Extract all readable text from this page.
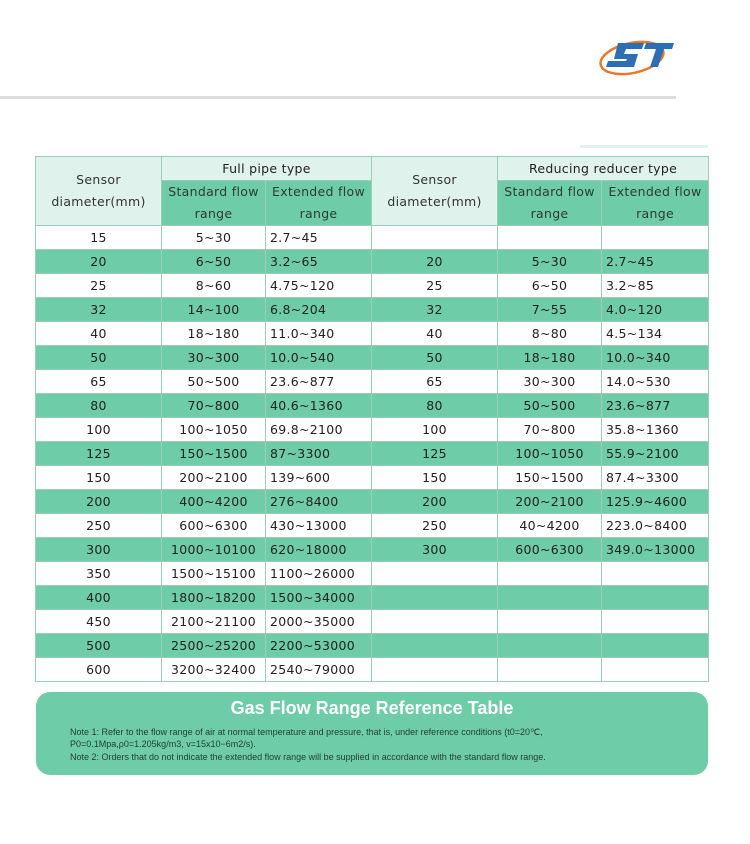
Sensor diameter(mm)	Full pipe type		Sensor diameter(mm)	Reducing reducer type	
	Standard flow range	Extended flow range		Standard flow range	Extended flow range
15	5~30	2.7~45			
20	6~50	3.2~65	20	5~30	2.7~45
25	8~60	4.75~120	25	6~50	3.2~85
32	14~100	6.8~204	32	7~55	4.0~120
40	18~180	11.0~340	40	8~80	4.5~134
50	30~300	10.0~540	50	18~180	10.0~340
65	50~500	23.6~877	65	30~300	14.0~530
80	70~800	40.6~1360	80	50~500	23.6~877
100	100~1050	69.8~2100	100	70~800	35.8~1360
125	150~1500	87~3300	125	100~1050	55.9~2100
150	200~2100	139~600	150	150~1500	87.4~3300
200	400~4200	276~8400	200	200~2100	125.9~4600
250	600~6300	430~13000	250	40~4200	223.0~8400
300	1000~10100	620~18000	300	600~6300	349.0~13000
350	1500~15100	1100~26000			
400	1800~18200	1500~34000			
450	2100~21100	2000~35000			
500	2500~25200	2200~53000			
600	3200~32400	2540~79000			
Gas Flow Range Reference Table
Note 1: Refer to the flow range of air at normal temperature and pressure, that is, under reference conditions (t0=20℃,
P0=0.1Mpa,ρ0=1.205kg/m3, v=15x10−6m2/s).
Note 2: Orders that do not indicate the extended flow range will be supplied in accordance with the standard flow range.
